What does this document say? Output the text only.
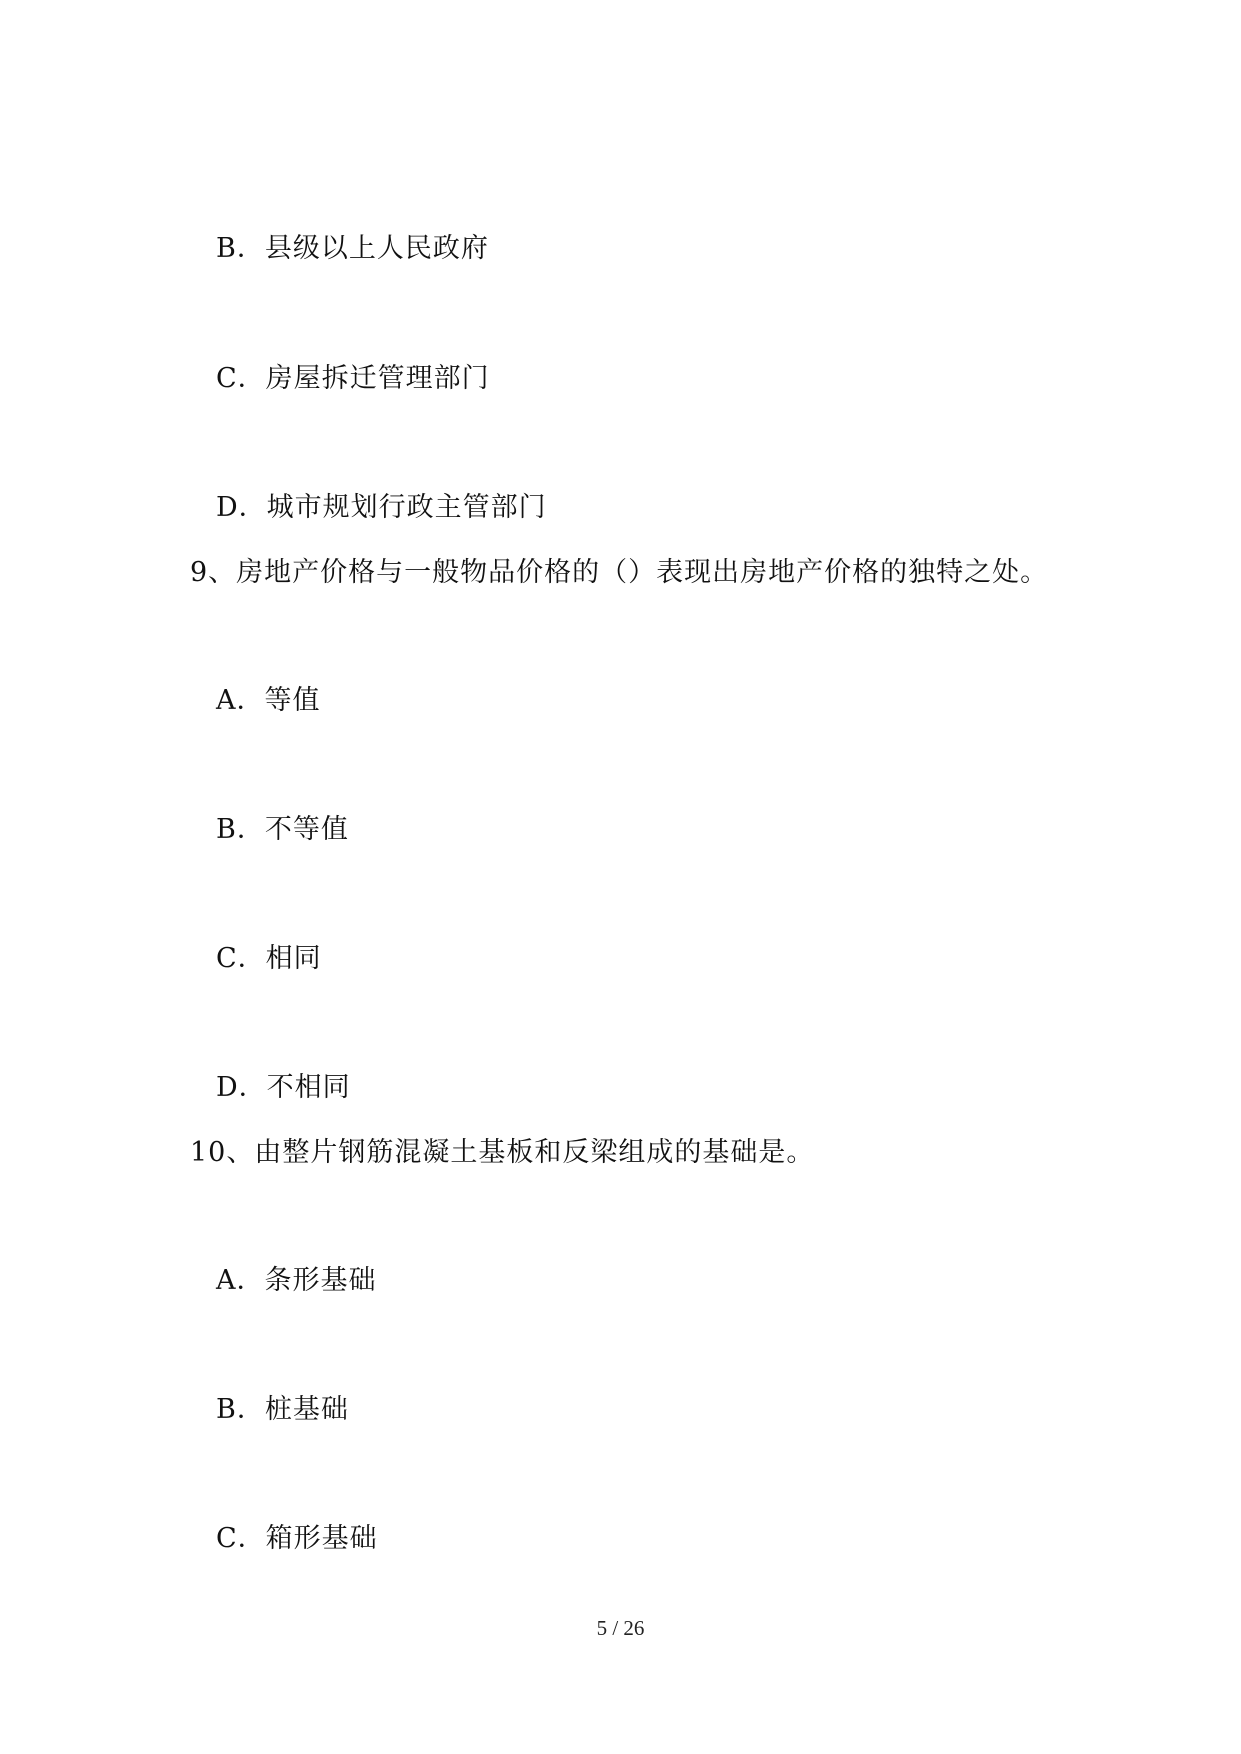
B．县级以上人民政府
C．房屋拆迁管理部门
D．城市规划行政主管部门
9、房地产价格与一般物品价格的（）表现出房地产价格的独特之处。
A．等值
B．不等值
C．相同
D．不相同
10、由整片钢筋混凝土基板和反梁组成的基础是。
A．条形基础
B．桩基础
C．箱形基础
5 / 26
